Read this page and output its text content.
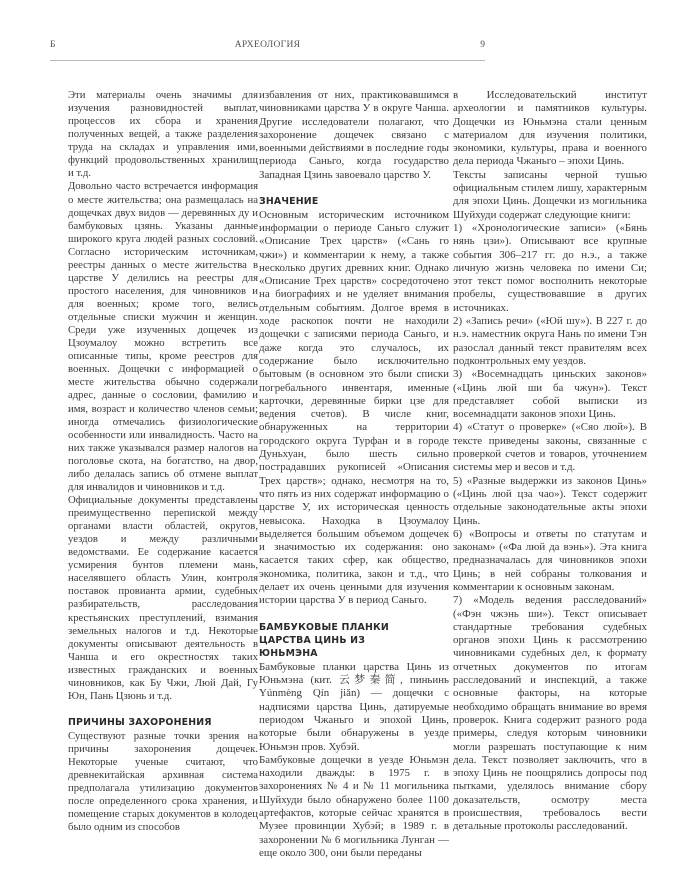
Б	АРХЕОЛОГИЯ	9

Эти материалы очень значимы для изучения разновидностей выплат, процессов их сбора и хранения полученных вещей, а также разделения труда на складах и управления ими, функций продовольственных хранилищ и т.д.

Довольно часто встречается информация о месте жительства; она размещалась на дощечках двух видов — деревянных ду и бамбуковых цзянь. Указаны данные широкого круга людей разных сословий. Согласно историческим источникам, реестры данных о месте жительства в царстве У делились на реестры для простого населения, для чиновников и для военных; кроме того, велись отдельные списки мужчин и женщин. Среди уже изученных дощечек из Цзоумалоу можно встретить все описанные типы, кроме реестров для военных. Дощечки с информацией о месте жительства обычно содержали адрес, данные о сословии, фамилию и имя, возраст и количество членов семьи; иногда отмечались физиологические особенности или инвалидность. Часто на них также указывался размер налогов на поголовье скота, на богатство, на двор, либо делалась запись об отмене выплат для инвалидов и чиновников и т.д.

Официальные документы представлены преимущественно перепиской между органами власти областей, округов, уездов и между различными ведомствами. Ее содержание касается усмирения бунтов племени мань, населявшего область Улин, контроля поставок провианта армии, судебных разбирательств, расследования крестьянских преступлений, взимания земельных налогов и т.д. Некоторые документы описывают деятельность в Чанша и его окрестностях таких известных гражданских и военных чиновников, как Бу Чжи, Люй Дай, Гу Юн, Пань Цзюнь и т.д.

ПРИЧИНЫ ЗАХОРОНЕНИЯ

Существуют разные точки зрения на причины захоронения дощечек. Некоторые ученые считают, что древнекитайская архивная система предполагала утилизацию документов после определенного срока хранения, и помещение старых документов в колодец было одним из способов

избавления от них, практиковавшимся чиновниками царства У в округе Чанша. Другие исследователи полагают, что захоронение дощечек связано с военными действиями в последние годы периода Саньго, когда государство Западная Цзинь завоевало царство У.

ЗНАЧЕНИЕ

Основным историческим источником информации о периоде Саньго служит «Описание Трех царств» («Сань го чжи») и комментарии к нему, а также несколько других древних книг. Однако «Описание Трех царств» сосредоточено на биографиях и не уделяет внимания отдельным событиям. Долгое время в ходе раскопок почти не находили дощечки с записями периода Саньго, и даже когда это случалось, их содержание было исключительно бытовым (в основном это были списки погребального инвентаря, именные карточки, деревянные бирки цзе для ведения счетов). В числе книг, обнаруженных на территории городского округа Турфан и в городе Дуньхуан, было шесть сильно пострадавших рукописей «Описания Трех царств»; однако, несмотря на то, что пять из них содержат информацию о царстве У, их историческая ценность невысока. Находка в Цзоумалоу выделяется большим объемом дощечек и значимостью их содержания: оно касается таких сфер, как общество, экономика, политика, закон и т.д., что делает их очень ценными для изучения истории царства У в период Саньго.

БАМБУКОВЫЕ ПЛАНКИ ЦАРСТВА ЦИНЬ ИЗ ЮНЬМЭНА

Бамбуковые планки царства Цинь из Юньмэна (кит. 云梦秦简, пиньинь Yúnmèng Qín jiǎn) — дощечки с надписями царства Цинь, датируемые периодом Чжаньго и эпохой Цинь, которые были обнаружены в уезде Юньмэн пров. Хубэй.

Бамбуковые дощечки в уезде Юньмэн находили дважды: в 1975 г. в захоронениях № 4 и № 11 могильника Шуйхуди было обнаружено более 1100 артефактов, которые сейчас хранятся в Музее провинции Хубэй; в 1989 г. в захоронении № 6 могильника Лунган — еще около 300, они были переданы

в Исследовательский институт археологии и памятников культуры. Дощечки из Юньмэна стали ценным материалом для изучения политики, экономики, культуры, права и военного дела периода Чжаньго – эпохи Цинь.

Тексты записаны черной тушью официальным стилем лишу, характерным для эпохи Цинь. Дощечки из могильника Шуйхуди содержат следующие книги:

1) «Хронологические записи» («Бянь нянь цзи»). Описывают все крупные события 306–217 гг. до н.э., а также личную жизнь человека по имени Си; этот текст помог восполнить некоторые пробелы, существовавшие в других источниках.

2) «Запись речи» («Юй шу»). В 227 г. до н.э. наместник округа Нань по имени Тэн разослал данный текст правителям всех подконтрольных ему уездов.

3) «Восемнадцать циньских законов» («Цинь люй ши ба чжун»). Текст представляет собой выписки из восемнадцати законов эпохи Цинь.

4) «Статут о проверке» («Сяо люй»). В тексте приведены законы, связанные с проверкой счетов и товаров, уточнением системы мер и весов и т.д.

5) «Разные выдержки из законов Цинь» («Цинь люй цза чао»). Текст содержит отдельные законодательные акты эпохи Цинь.

6) «Вопросы и ответы по статутам и законам» («Фа люй да вэнь»). Эта книга предназначалась для чиновников эпохи Цинь; в ней собраны толкования и комментарии к основным законам.

7) «Модель ведения расследований» («Фэн чжэнь ши»). Текст описывает стандартные требования судебных органов эпохи Цинь к рассмотрению чиновниками судебных дел, к формату отчетных документов по итогам расследований и инспекций, а также основные факторы, на которые необходимо обращать внимание во время проверок. Книга содержит разного рода примеры, следуя которым чиновники могли разрешать поступающие к ним дела. Текст позволяет заключить, что в эпоху Цинь не поощрялись допросы под пытками, уделялось внимание сбору доказательств, осмотру места происшествия, требовалось вести детальные протоколы расследований.
